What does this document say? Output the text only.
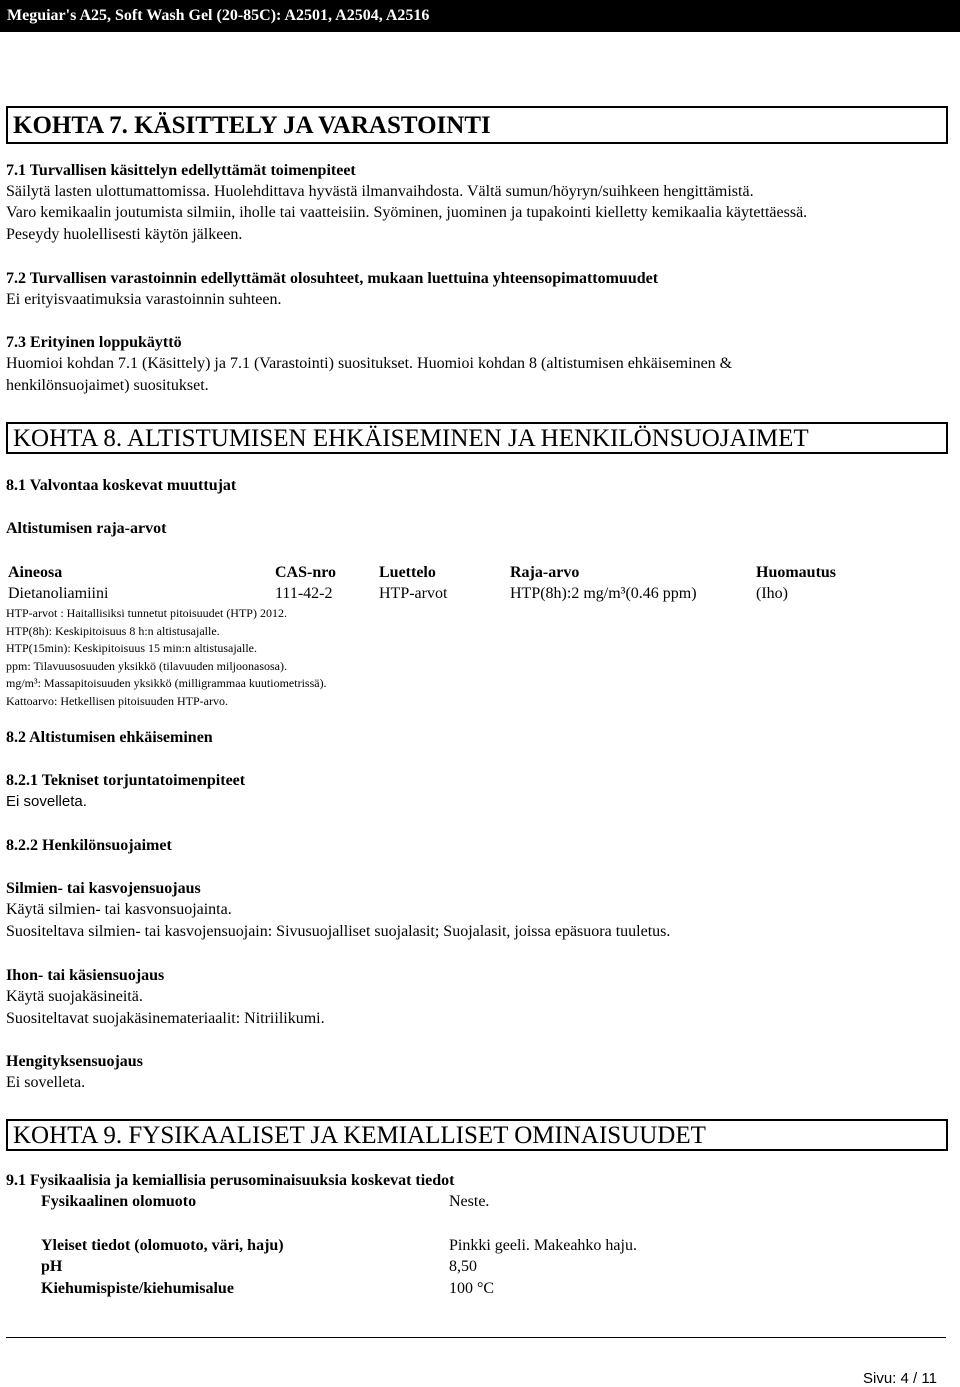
Meguiar's A25, Soft Wash Gel (20-85C): A2501, A2504, A2516
KOHTA 7. KÄSITTELY JA VARASTOINTI
7.1 Turvallisen käsittelyn edellyttämät toimenpiteet
Säilytä lasten ulottumattomissa. Huolehdittava hyvästä ilmanvaihdosta. Vältä sumun/höyryn/suihkeen hengittämistä.
Varo kemikaalin joutumista silmiin, iholle tai vaatteisiin. Syöminen, juominen ja tupakointi kielletty kemikaalia käytettäessä.
Peseydy huolellisesti käytön jälkeen.
7.2 Turvallisen varastoinnin edellyttämät olosuhteet, mukaan luettuina yhteensopimattomuudet
Ei erityisvaatimuksia varastoinnin suhteen.
7.3 Erityinen loppukäyttö
Huomioi kohdan 7.1 (Käsittely) ja 7.1 (Varastointi) suositukset. Huomioi kohdan 8 (altistumisen ehkäiseminen &
henkilönsuojaimet) suositukset.
KOHTA 8. ALTISTUMISEN EHKÄISEMINEN JA HENKILÖNSUOJAIMET
8.1 Valvontaa koskevat muuttujat
Altistumisen raja-arvot
Aineosa	CAS-nro	Luettelo	Raja-arvo	Huomautus
Dietanoliamiini	111-42-2	HTP-arvot	HTP(8h):2 mg/m³(0.46 ppm)	(Iho)
HTP-arvot : Haitallisiksi tunnetut pitoisuudet (HTP) 2012.
HTP(8h): Keskipitoisuus 8 h:n altistusajalle.
HTP(15min): Keskipitoisuus 15 min:n altistusajalle.
ppm: Tilavuusosuuden yksikkö (tilavuuden miljoonasosa).
mg/m³: Massapitoisuuden yksikkö (milligrammaa kuutiometrissä).
Kattoarvo: Hetkellisen pitoisuuden HTP-arvo.
8.2 Altistumisen ehkäiseminen
8.2.1 Tekniset torjuntatoimenpiteet
Ei sovelleta.
8.2.2 Henkilönsuojaimet
Silmien- tai kasvojensuojaus
Käytä silmien- tai kasvonsuojainta.
Suositeltava silmien- tai kasvojensuojain: Sivusuojalliset suojalasit; Suojalasit, joissa epäsuora tuuletus.
Ihon- tai käsiensuojaus
Käytä suojakäsineitä.
Suositeltavat suojakäsinemateriaalit: Nitriilikumi.
Hengityksensuojaus
Ei sovelleta.
KOHTA 9. FYSIKAALISET JA KEMIALLISET OMINAISUUDET
9.1 Fysikaalisia ja kemiallisia perusominaisuuksia koskevat tiedot
Fysikaalinen olomuoto	Neste.
Yleiset tiedot (olomuoto, väri, haju)	Pinkki geeli. Makeahko haju.
pH	8,50
Kiehumispiste/kiehumisalue	100 °C
Sivu: 4 / 11
